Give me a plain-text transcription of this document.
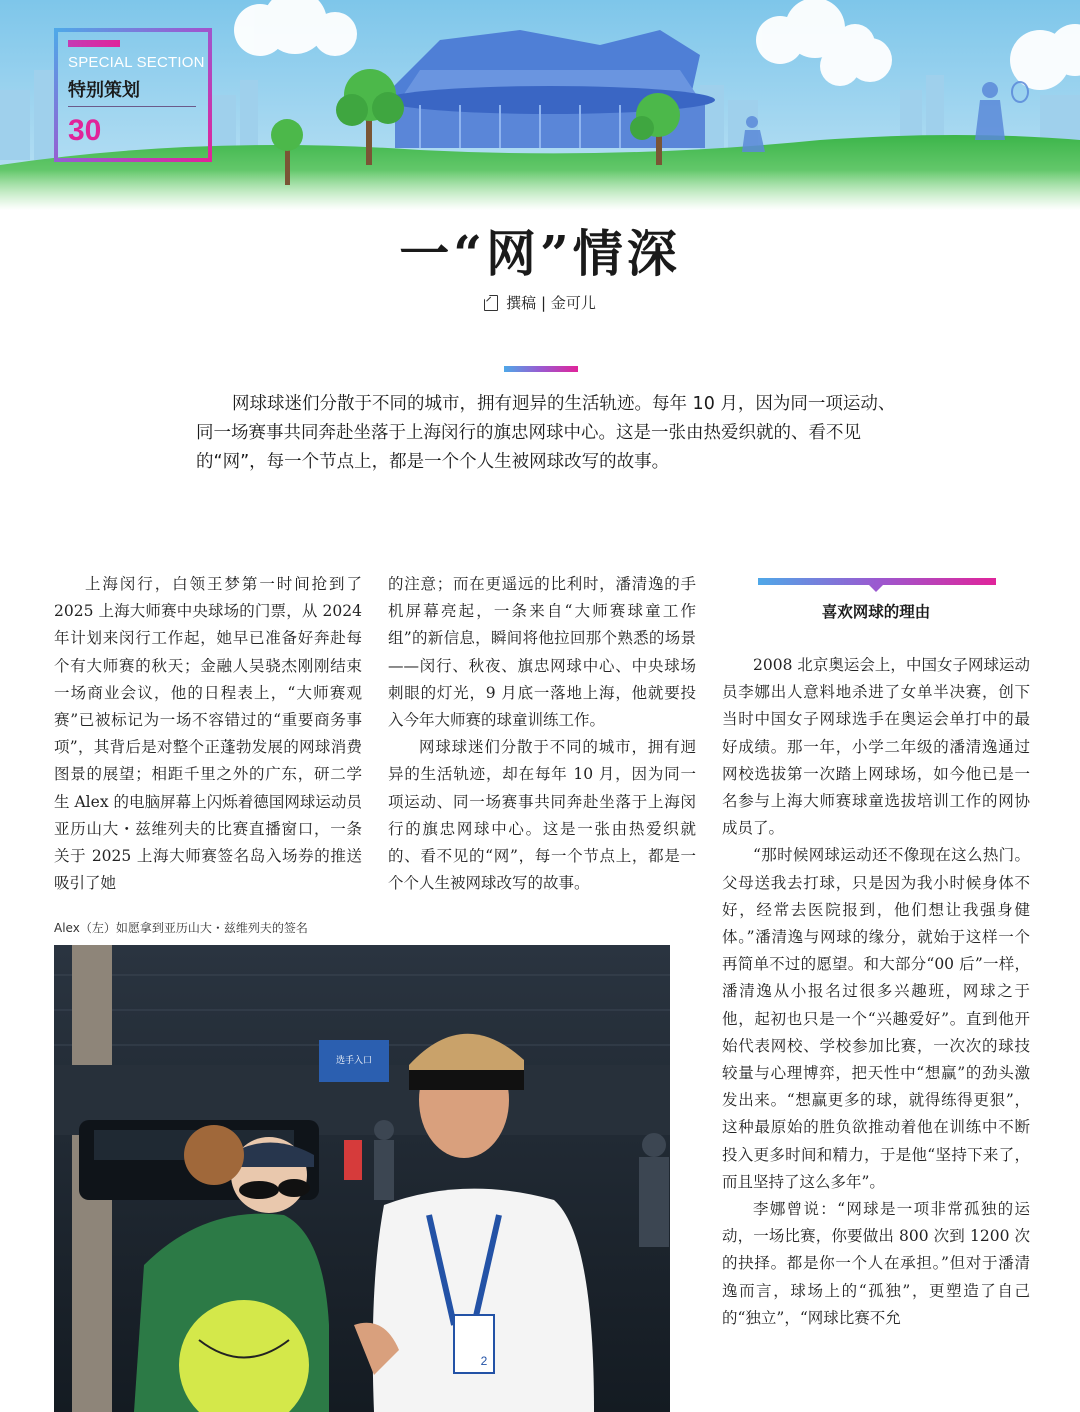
SPECIAL SECTION
特别策划
30
一“网”情深
撰稿 | 金可儿

网球球迷们分散于不同的城市，拥有迥异的生活轨迹。每年 10 月，因为同一项运动、同一场赛事共同奔赴坐落于上海闵行的旗忠网球中心。这是一张由热爱织就的、看不见的“网”，每一个节点上，都是一个个人生被网球改写的故事。

上海闵行，白领王梦第一时间抢到了 2025 上海大师赛中央球场的门票，从 2024 年计划来闵行工作起，她早已准备好奔赴每个有大师赛的秋天；金融人吴骁杰刚刚结束一场商业会议，他的日程表上，“大师赛观赛”已被标记为一场不容错过的“重要商务事项”，其背后是对整个正蓬勃发展的网球消费图景的展望；相距千里之外的广东，研二学生 Alex 的电脑屏幕上闪烁着德国网球运动员亚历山大・兹维列夫的比赛直播窗口，一条关于 2025 上海大师赛签名岛入场券的推送吸引了她

的注意；而在更遥远的比利时，潘清逸的手机屏幕亮起，一条来自“大师赛球童工作组”的新信息，瞬间将他拉回那个熟悉的场景——闵行、秋夜、旗忠网球中心、中央球场刺眼的灯光，9 月底一落地上海，他就要投入今年大师赛的球童训练工作。

网球球迷们分散于不同的城市，拥有迥异的生活轨迹，却在每年 10 月，因为同一项运动、同一场赛事共同奔赴坐落于上海闵行的旗忠网球中心。这是一张由热爱织就的、看不见的“网”，每一个节点上，都是一个个人生被网球改写的故事。

喜欢网球的理由

2008 北京奥运会上，中国女子网球运动员李娜出人意料地杀进了女单半决赛，创下当时中国女子网球选手在奥运会单打中的最好成绩。那一年，小学二年级的潘清逸通过网校选拔第一次踏上网球场，如今他已是一名参与上海大师赛球童选拔培训工作的网协成员了。

“那时候网球运动还不像现在这么热门。父母送我去打球，只是因为我小时候身体不好，经常去医院报到，他们想让我强身健体。”潘清逸与网球的缘分，就始于这样一个再简单不过的愿望。和大部分“00 后”一样，潘清逸从小报名过很多兴趣班，网球之于他，起初也只是一个“兴趣爱好”。直到他开始代表网校、学校参加比赛，一次次的球技较量与心理博弈，把天性中“想赢”的劲头激发出来。“想赢更多的球，就得练得更狠”，这种最原始的胜负欲推动着他在训练中不断投入更多时间和精力，于是他“坚持下来了，而且坚持了这么多年”。

李娜曾说：“网球是一项非常孤独的运动，一场比赛，你要做出 800 次到 1200 次的抉择。都是你一个人在承担。”但对于潘清逸而言，球场上的“孤独”，更塑造了自己的“独立”，“网球比赛不允

Alex（左）如愿拿到亚历山大・兹维列夫的签名
选手入口
2
